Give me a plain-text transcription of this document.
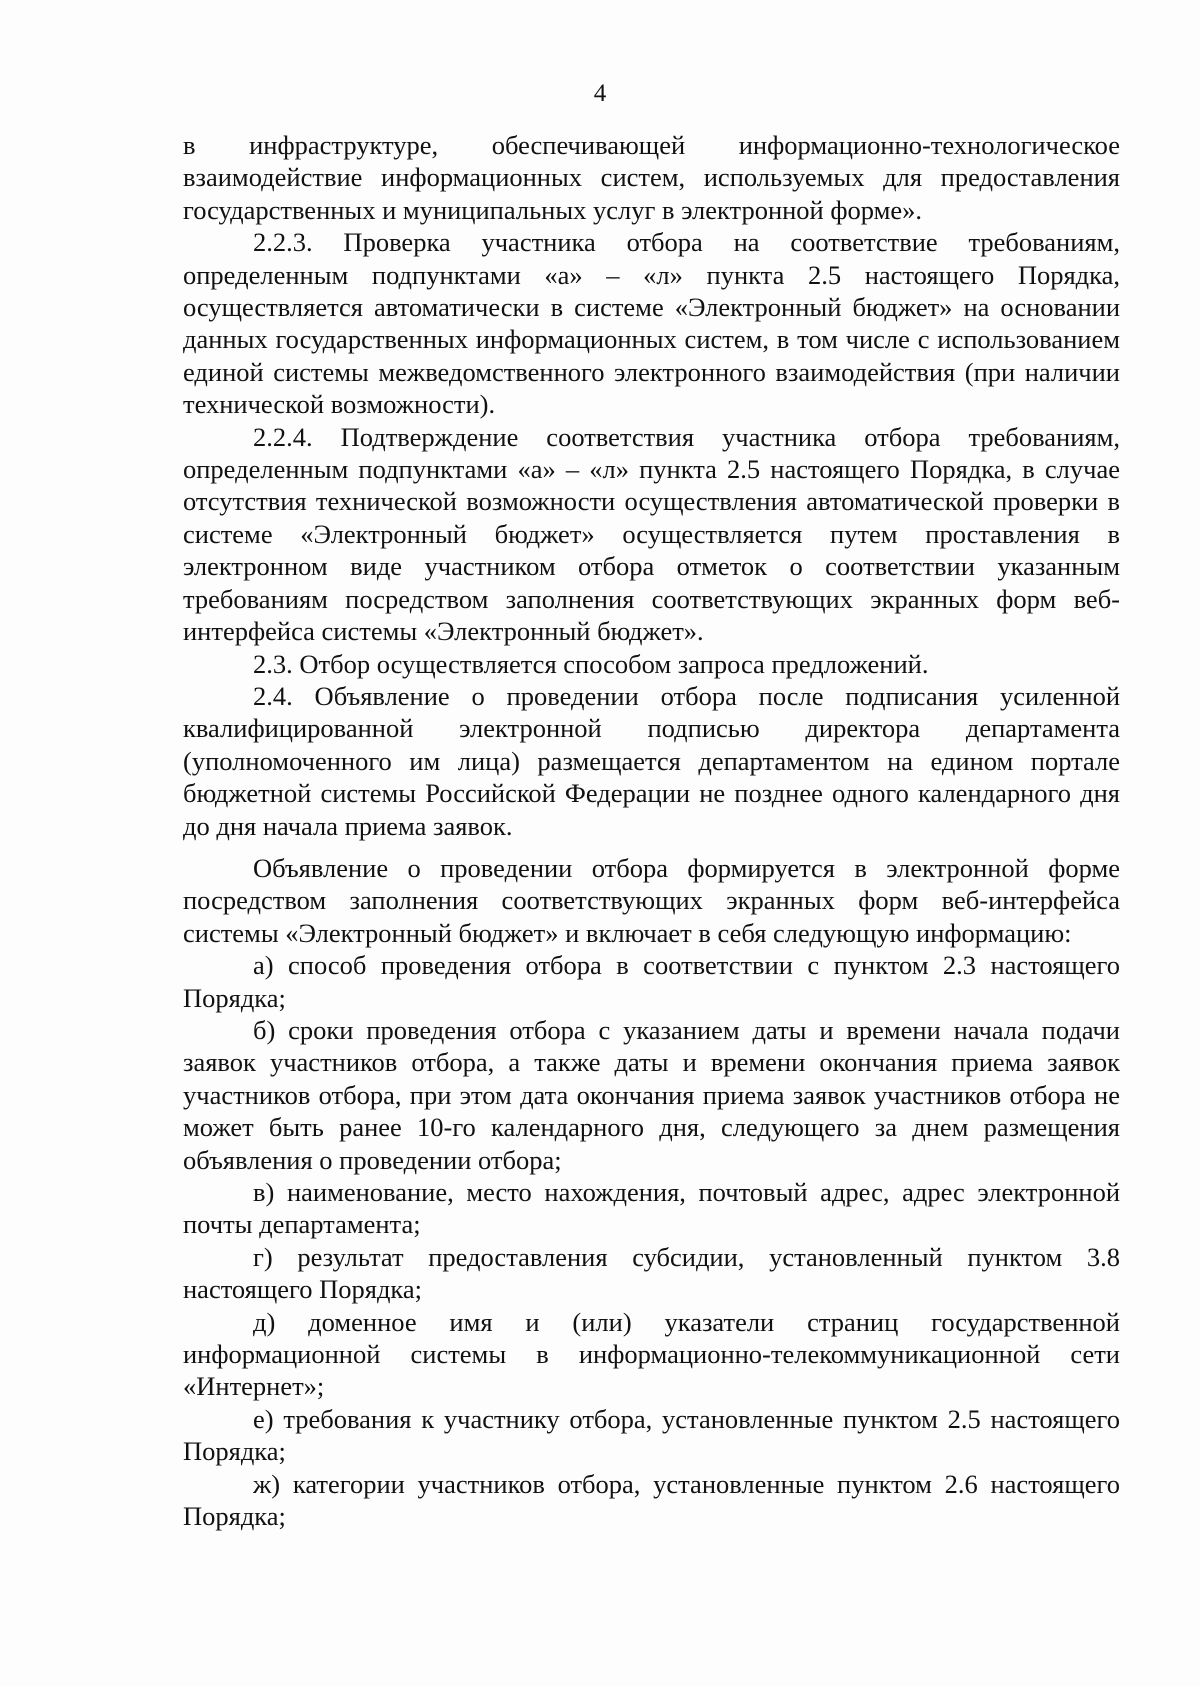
4

в инфраструктуре, обеспечивающей информационно-технологическое взаимодействие информационных систем, используемых для предоставления государственных и муниципальных услуг в электронной форме».

2.2.3. Проверка участника отбора на соответствие требованиям, определенным подпунктами «а» – «л» пункта 2.5 настоящего Порядка, осуществляется автоматически в системе «Электронный бюджет» на основании данных государственных информационных систем, в том числе с использованием единой системы межведомственного электронного взаимодействия (при наличии технической возможности).

2.2.4. Подтверждение соответствия участника отбора требованиям, определенным подпунктами «а» – «л» пункта 2.5 настоящего Порядка, в случае отсутствия технической возможности осуществления автоматической проверки в системе «Электронный бюджет» осуществляется путем проставления в электронном виде участником отбора отметок о соответствии указанным требованиям посредством заполнения соответствующих экранных форм веб-интерфейса системы «Электронный бюджет».

2.3. Отбор осуществляется способом запроса предложений.

2.4. Объявление о проведении отбора после подписания усиленной квалифицированной электронной подписью директора департамента (уполномоченного им лица) размещается департаментом на едином портале бюджетной системы Российской Федерации не позднее одного календарного дня до дня начала приема заявок.

Объявление о проведении отбора формируется в электронной форме посредством заполнения соответствующих экранных форм веб-интерфейса системы «Электронный бюджет» и включает в себя следующую информацию:

а) способ проведения отбора в соответствии с пунктом 2.3 настоящего Порядка;

б) сроки проведения отбора с указанием даты и времени начала подачи заявок участников отбора, а также даты и времени окончания приема заявок участников отбора, при этом дата окончания приема заявок участников отбора не может быть ранее 10-го календарного дня, следующего за днем размещения объявления о проведении отбора;

в) наименование, место нахождения, почтовый адрес, адрес электронной почты департамента;

г) результат предоставления субсидии, установленный пунктом 3.8 настоящего Порядка;

д) доменное имя и (или) указатели страниц государственной информационной системы в информационно-телекоммуникационной сети «Интернет»;

е) требования к участнику отбора, установленные пунктом 2.5 настоящего Порядка;

ж) категории участников отбора, установленные пунктом 2.6 настоящего Порядка;
